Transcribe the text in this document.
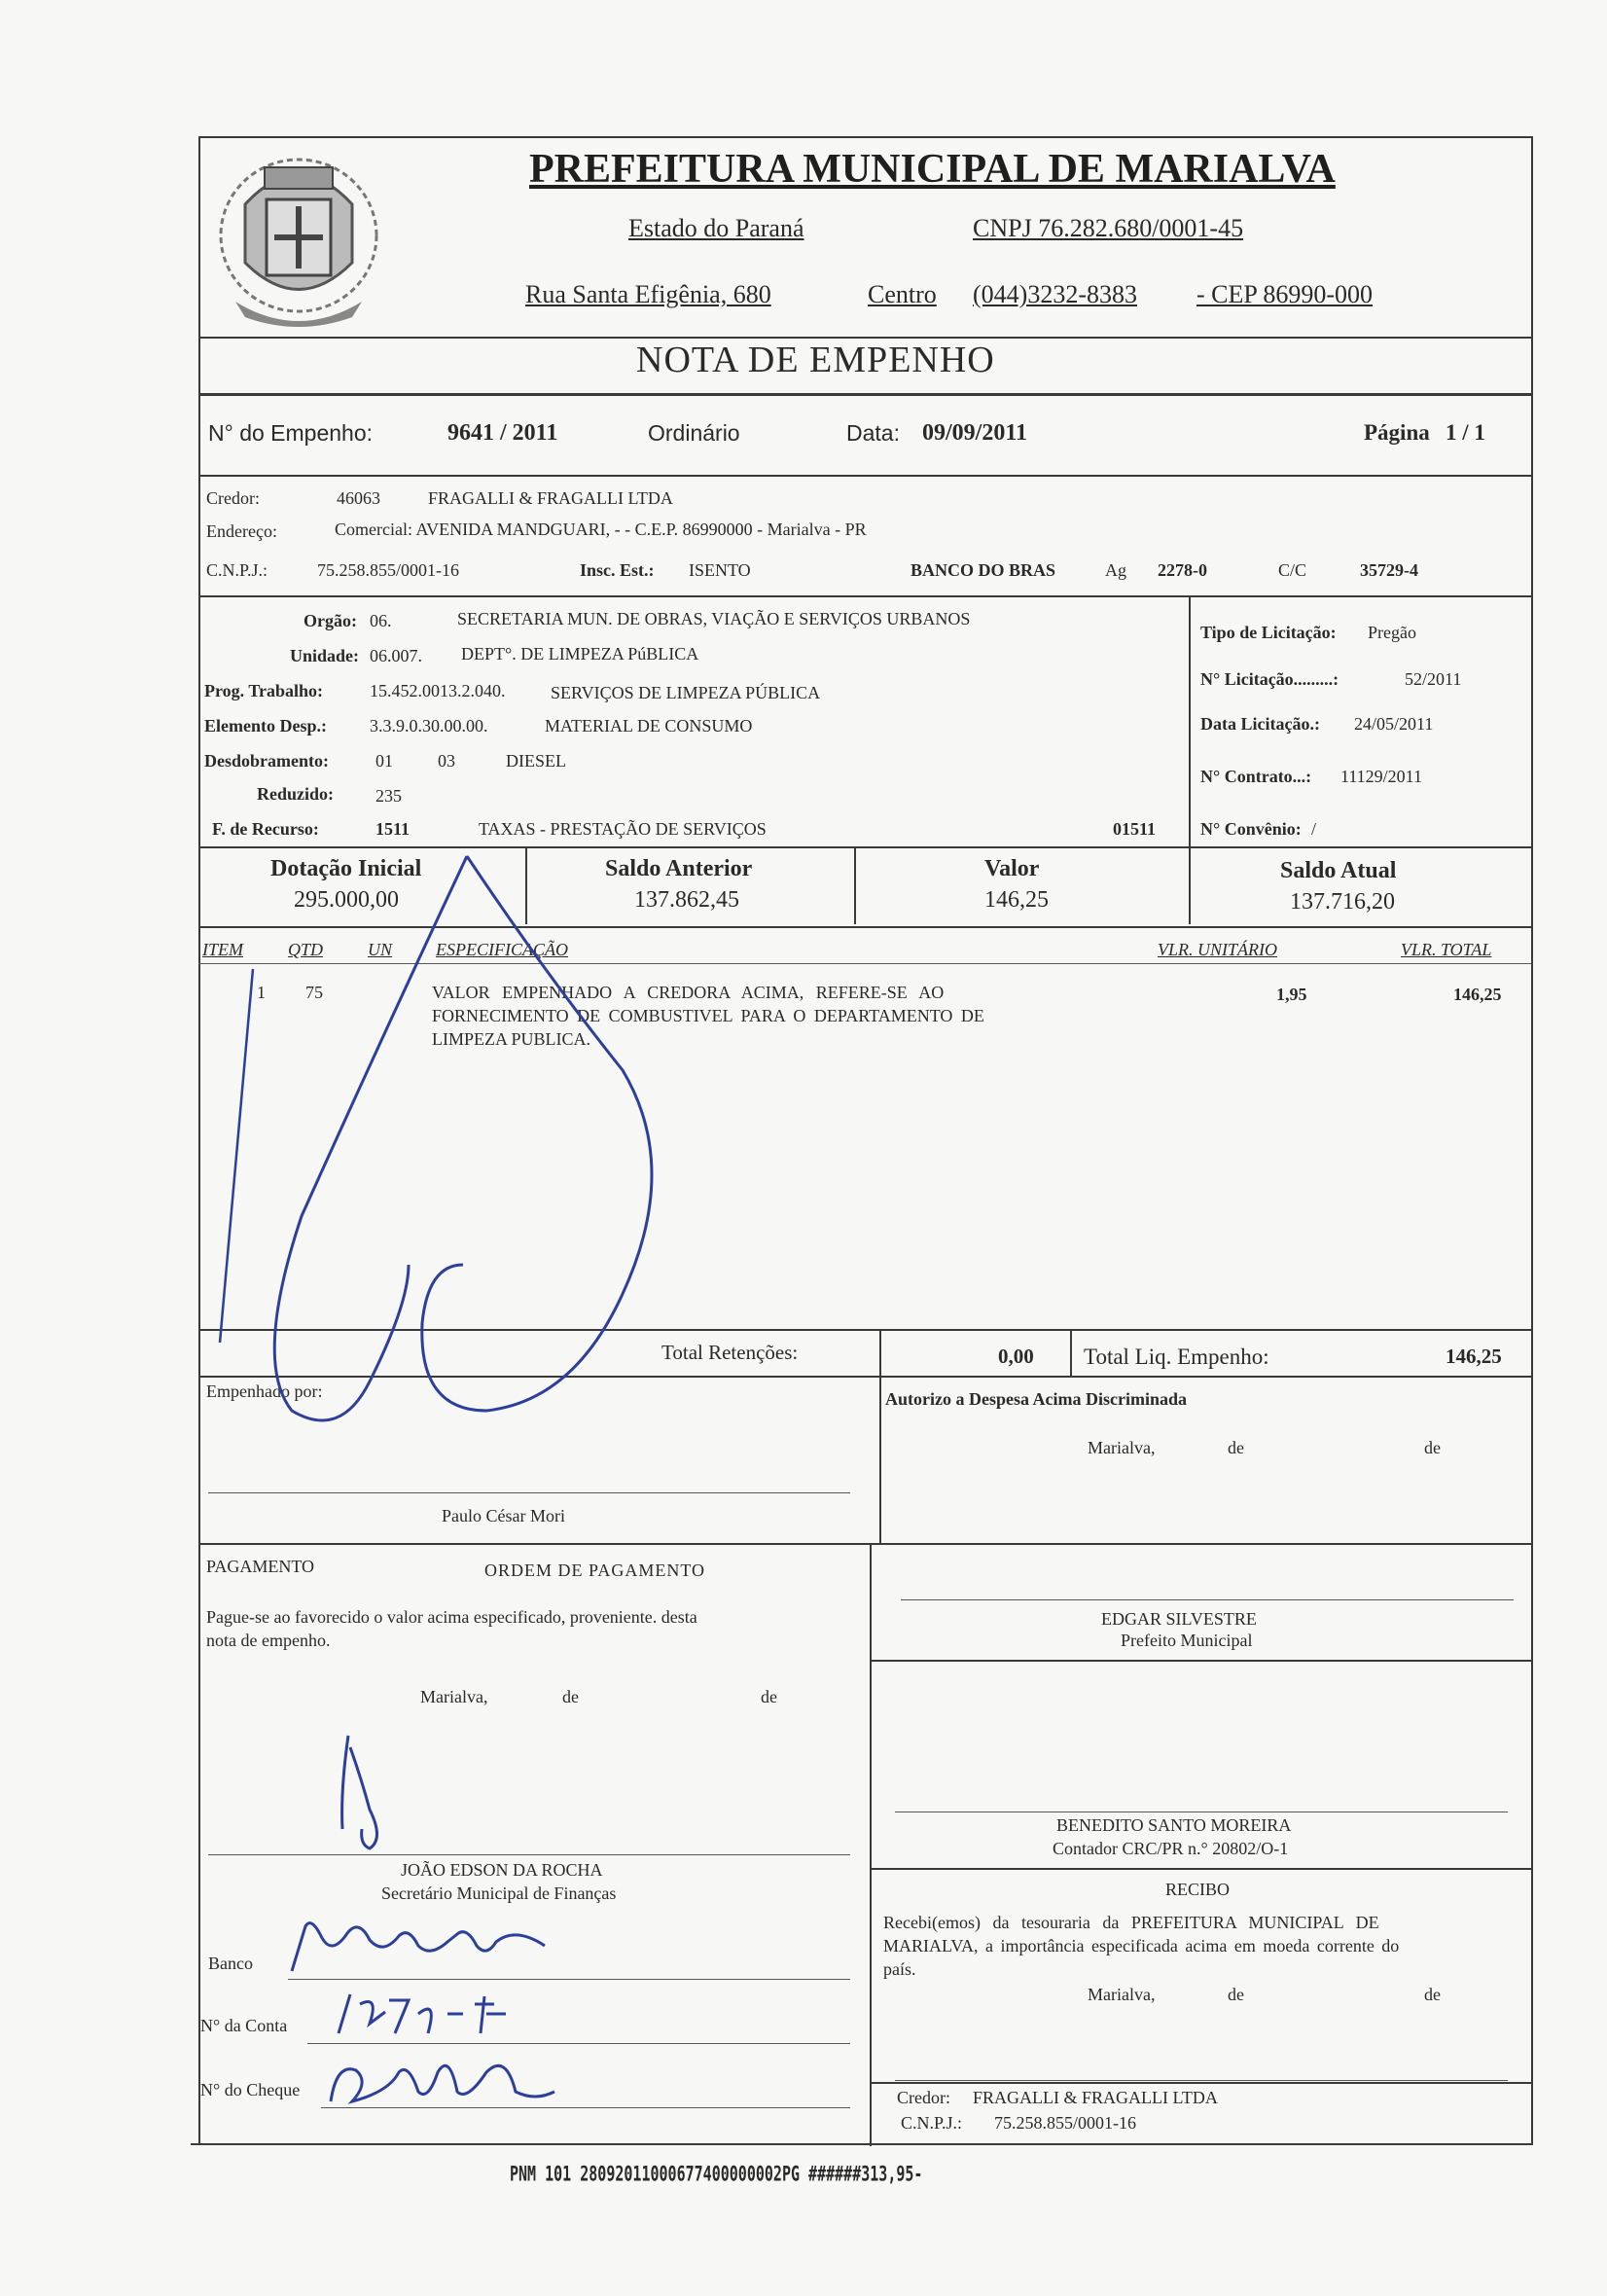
PREFEITURA MUNICIPAL DE MARIALVA
Estado do Paraná	CNPJ 76.282.680/0001-45
Rua Santa Efigênia, 680	Centro (044)3232-8383 - CEP 86990-000
NOTA DE EMPENHO
N° do Empenho:	9641 / 2011	Ordinário	Data: 09/09/2011	Página 1 / 1
Credor:	46063	FRAGALLI & FRAGALLI LTDA
Endereço:	Comercial: AVENIDA MANDGUARI, - - C.E.P. 86990000 - Marialva - PR
C.N.P.J.:	75.258.855/0001-16	Insc. Est.: ISENTO	BANCO DO BRAS	Ag 2278-0	C/C	35729-4
Orgão: 06.	SECRETARIA MUN. DE OBRAS, VIAÇÃO E SERVIÇOS URBANOS
Unidade: 06.007. DEPT°. DE LIMPEZA PúBLICA
Prog. Trabalho:	15.452.0013.2.040.	SERVIÇOS DE LIMPEZA PÚBLICA
Elemento Desp.: 3.3.9.0.30.00.00.	MATERIAL DE CONSUMO
Desdobramento:	01	03	DIESEL
Reduzido: 235
F. de Recurso:	1511	TAXAS - PRESTAÇÃO DE SERVIÇOS	01511
Tipo de Licitação: Pregão
N° Licitação.........:	52/2011
Data Licitação.: 24/05/2011
N° Contrato...: 11129/2011
N° Convênio: /
Dotação Inicial
295.000,00
Saldo Anterior
137.862,45
Valor
146,25
Saldo Atual
137.716,20
ITEM	QTD	UN ESPECIFICAÇÃO	VLR. UNITÁRIO	VLR. TOTAL
1 75	VALOR EMPENHADO A CREDORA ACIMA, REFERE-SE AO
FORNECIMENTO DE COMBUSTIVEL PARA O DEPARTAMENTO DE
LIMPEZA PUBLICA.
1,95	146,25
Total Retenções:	0,00 Total Liq. Empenho:	146,25
Empenhado por:
Paulo César Mori
Autorizo a Despesa Acima Discriminada
Marialva,	de	de
PAGAMENTO	ORDEM DE PAGAMENTO
Pague-se ao favorecido o valor acima especificado, proveniente. desta
nota de empenho.
Marialva,	de	de
JOÃO EDSON DA ROCHA
Secretário Municipal de Finanças
Banco
N° da Conta
N° do Cheque
EDGAR SILVESTRE
Prefeito Municipal
BENEDITO SANTO MOREIRA
Contador CRC/PR n.° 20802/O-1
RECIBO
Recebi(emos) da tesouraria da PREFEITURA MUNICIPAL DE
MARIALVA, a importância especificada acima em moeda corrente do
país.
Marialva,	de	de
Credor: FRAGALLI & FRAGALLI LTDA
C.N.P.J.: 75.258.855/0001-16
PNM 101 28092011000677400000002PG ######313,95-
